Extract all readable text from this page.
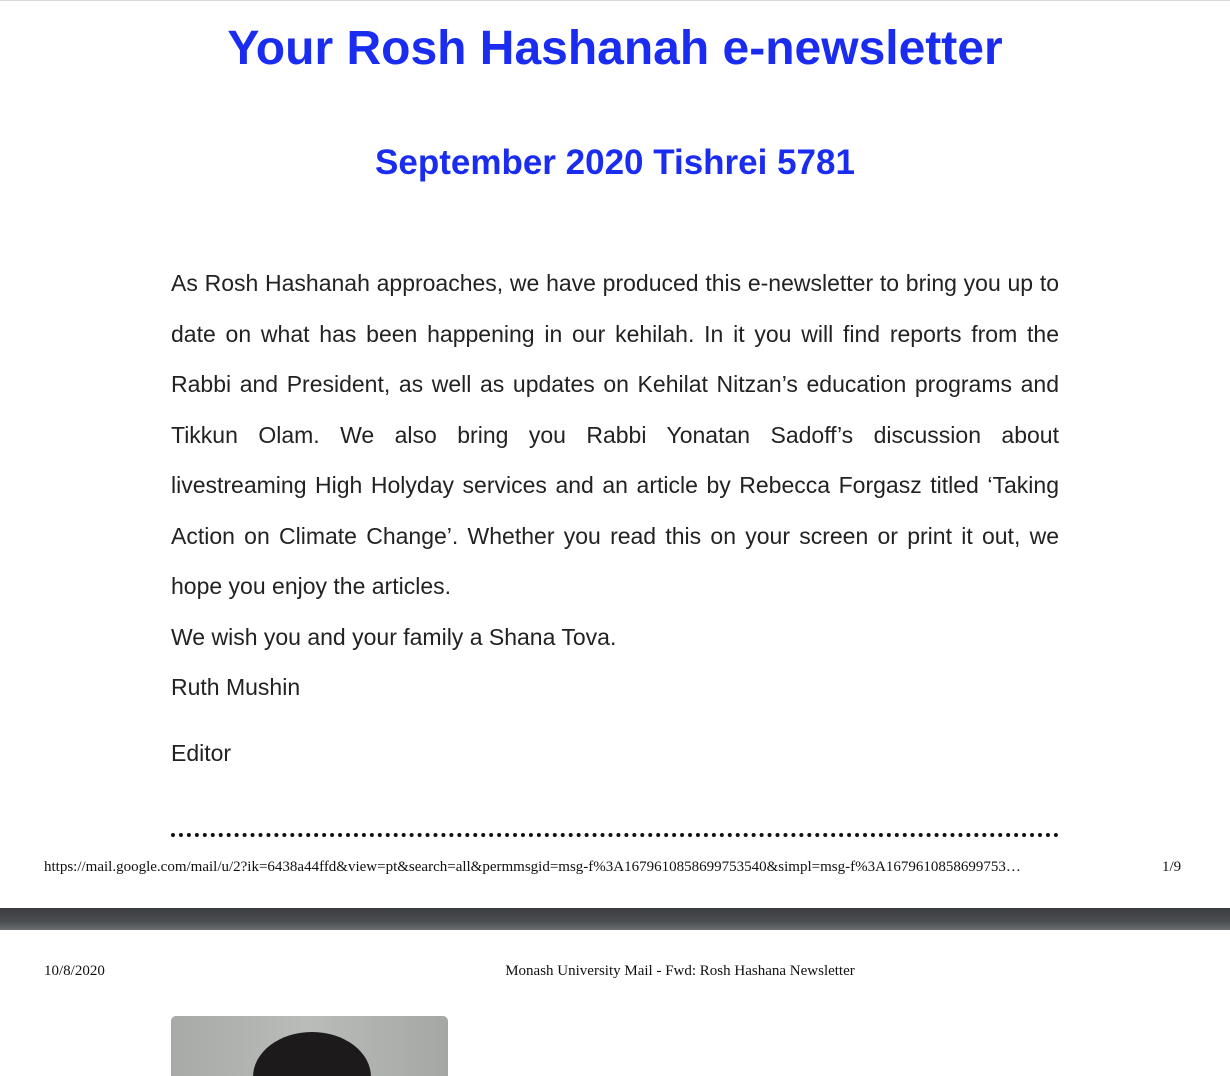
Your Rosh Hashanah e-newsletter
September 2020 Tishrei 5781

As Rosh Hashanah approaches, we have produced this e-newsletter to bring you up to date on what has been happening in our kehilah. In it you will find reports from the Rabbi and President, as well as updates on Kehilat Nitzan’s education programs and Tikkun Olam. We also bring you Rabbi Yonatan Sadoff’s discussion about livestreaming High Holyday services and an article by Rebecca Forgasz titled ‘Taking Action on Climate Change’. Whether you read this on your screen or print it out, we hope you enjoy the articles.

We wish you and your family a Shana Tova.

Ruth Mushin

Editor

https://mail.google.com/mail/u/2?ik=6438a44ffd&view=pt&search=all&permmsgid=msg-f%3A1679610858699753540&simpl=msg-f%3A1679610858699753…	1/9
10/8/2020	Monash University Mail - Fwd: Rosh Hashana Newsletter
